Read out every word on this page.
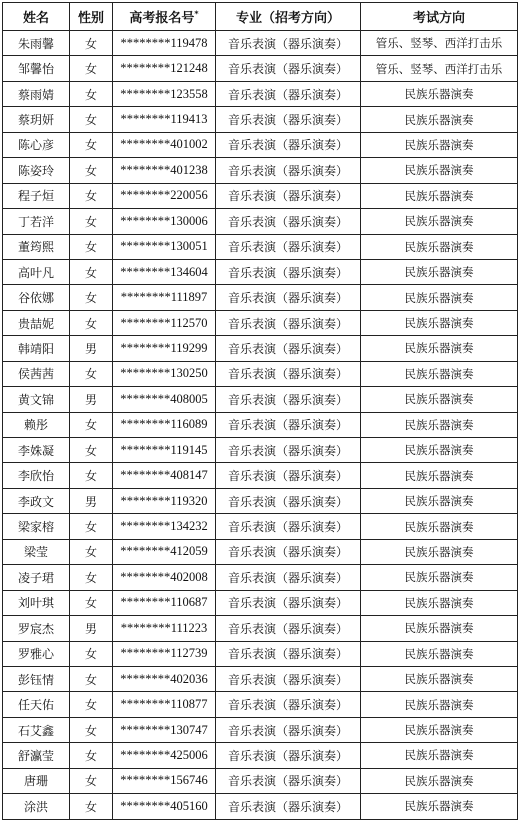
姓名	性别	高考报名号*	专业（招考方向）	考试方向
朱雨馨	女	********119478	音乐表演（器乐演奏）	管乐、竖琴、西洋打击乐
邹馨怡	女	********121248	音乐表演（器乐演奏）	管乐、竖琴、西洋打击乐
蔡雨婧	女	********123558	音乐表演（器乐演奏）	民族乐器演奏
蔡玥妍	女	********119413	音乐表演（器乐演奏）	民族乐器演奏
陈心彦	女	********401002	音乐表演（器乐演奏）	民族乐器演奏
陈姿玲	女	********401238	音乐表演（器乐演奏）	民族乐器演奏
程子烜	女	********220056	音乐表演（器乐演奏）	民族乐器演奏
丁若洋	女	********130006	音乐表演（器乐演奏）	民族乐器演奏
董筠熙	女	********130051	音乐表演（器乐演奏）	民族乐器演奏
高叶凡	女	********134604	音乐表演（器乐演奏）	民族乐器演奏
谷依娜	女	********111897	音乐表演（器乐演奏）	民族乐器演奏
贵喆妮	女	********112570	音乐表演（器乐演奏）	民族乐器演奏
韩靖阳	男	********119299	音乐表演（器乐演奏）	民族乐器演奏
侯茜茜	女	********130250	音乐表演（器乐演奏）	民族乐器演奏
黄文锦	男	********408005	音乐表演（器乐演奏）	民族乐器演奏
赖彤	女	********116089	音乐表演（器乐演奏）	民族乐器演奏
李姝凝	女	********119145	音乐表演（器乐演奏）	民族乐器演奏
李欣怡	女	********408147	音乐表演（器乐演奏）	民族乐器演奏
李政文	男	********119320	音乐表演（器乐演奏）	民族乐器演奏
梁家榕	女	********134232	音乐表演（器乐演奏）	民族乐器演奏
梁莹	女	********412059	音乐表演（器乐演奏）	民族乐器演奏
凌子珺	女	********402008	音乐表演（器乐演奏）	民族乐器演奏
刘叶琪	女	********110687	音乐表演（器乐演奏）	民族乐器演奏
罗宸杰	男	********111223	音乐表演（器乐演奏）	民族乐器演奏
罗雅心	女	********112739	音乐表演（器乐演奏）	民族乐器演奏
彭钰情	女	********402036	音乐表演（器乐演奏）	民族乐器演奏
任天佑	女	********110877	音乐表演（器乐演奏）	民族乐器演奏
石艾鑫	女	********130747	音乐表演（器乐演奏）	民族乐器演奏
舒瀛莹	女	********425006	音乐表演（器乐演奏）	民族乐器演奏
唐珊	女	********156746	音乐表演（器乐演奏）	民族乐器演奏
涂洪	女	********405160	音乐表演（器乐演奏）	民族乐器演奏
